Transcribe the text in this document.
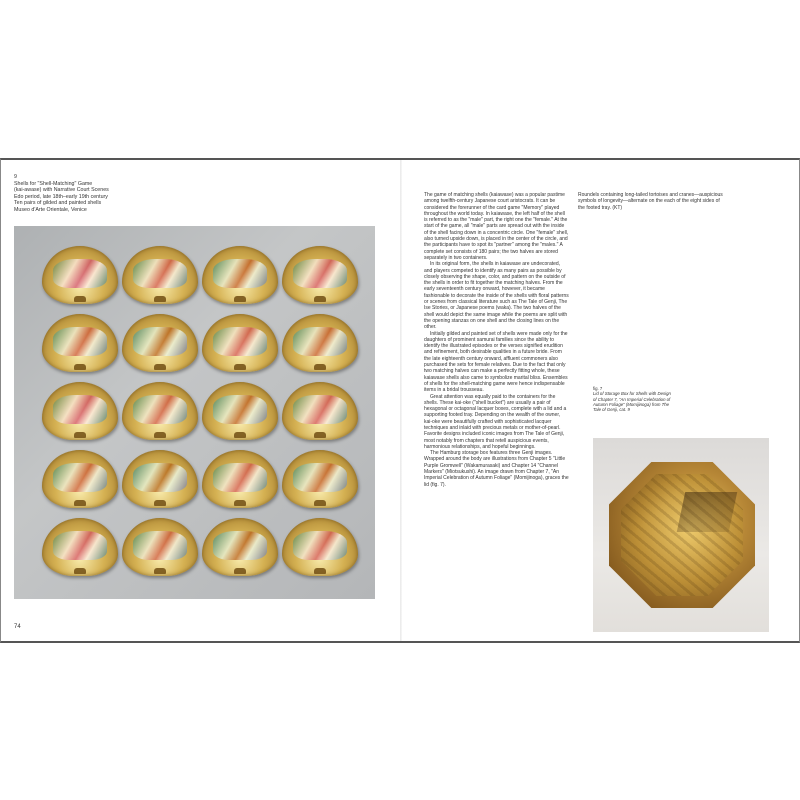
9
Shells for "Shell-Matching" Game
(kai-awase) with Narrative Court Scenes
Edo period, late 18th–early 19th century
Ten pairs of gilded and painted shells
Museo d'Arte Orientale, Venice
74

The game of matching shells (kaiawase) was a popular pastime among twelfth-century Japanese court aristocrats. It can be considered the forerunner of the card game "Memory" played throughout the world today. In kaiawase, the left half of the shell is referred to as the "male" part, the right one the "female." At the start of the game, all "male" parts are spread out with the inside of the shell facing down in a concentric circle. One "female" shell, also turned upside down, is placed in the center of the circle, and the participants have to spot its "partner" among the "males." A complete set consists of 180 pairs; the two halves are stored separately in two containers.

In its original form, the shells in kaiawase are undecorated, and players competed to identify as many pairs as possible by closely observing the shape, color, and pattern on the outside of the shells in order to fit together the matching halves. From the early seventeenth century onward, however, it became fashionable to decorate the inside of the shells with floral patterns or scenes from classical literature such as The Tale of Genji, The Ise Stories, or Japanese poems (waka). The two halves of the shell would depict the same image while the poems are split with the opening stanzas on one shell and the closing lines on the other.

Initially gilded and painted set of shells were made only for the daughters of prominent samurai families since the ability to identify the illustrated episodes or the verses signified erudition and refinement, both desirable qualities in a future bride. From the late eighteenth century onward, affluent commoners also purchased the sets for female relatives. Due to the fact that only two matching halves can make a perfectly fitting whole, these kaiawase shells also came to symbolize marital bliss. Ensembles of shells for the shell-matching game were hence indispensable items in a bridal trousseau.

Great attention was equally paid to the containers for the shells. These kai-oke ("shell bucket") are usually a pair of hexagonal or octagonal lacquer boxes, complete with a lid and a supporting footed tray. Depending on the wealth of the owner, kai-oke were beautifully crafted with sophisticated lacquer techniques and inlaid with precious metals or mother-of-pearl. Favorite designs included iconic images from The Tale of Genji, most notably from chapters that retell auspicious events, harmonious relationships, and hopeful beginnings.

The Hamburg storage box features three Genji images. Wrapped around the body are illustrations from Chapter 5 "Little Purple Gromwell" (Wakamurasaki) and Chapter 14 "Channel Markers" (Miotsukushi). An image drawn from Chapter 7, "An Imperial Celebration of Autumn Foliage" (Momijinoga), graces the lid (fig. 7).

Roundels containing long-tailed tortoises and cranes—auspicious symbols of longevity—alternate on the each of the eight sides of the footed tray. (KT)

fig. 7
Lid of Storage Box for Shells with Design of Chapter 7, "An Imperial Celebration of Autumn Foliage" (Momijinoga) from The Tale of Genji, cat. 9
